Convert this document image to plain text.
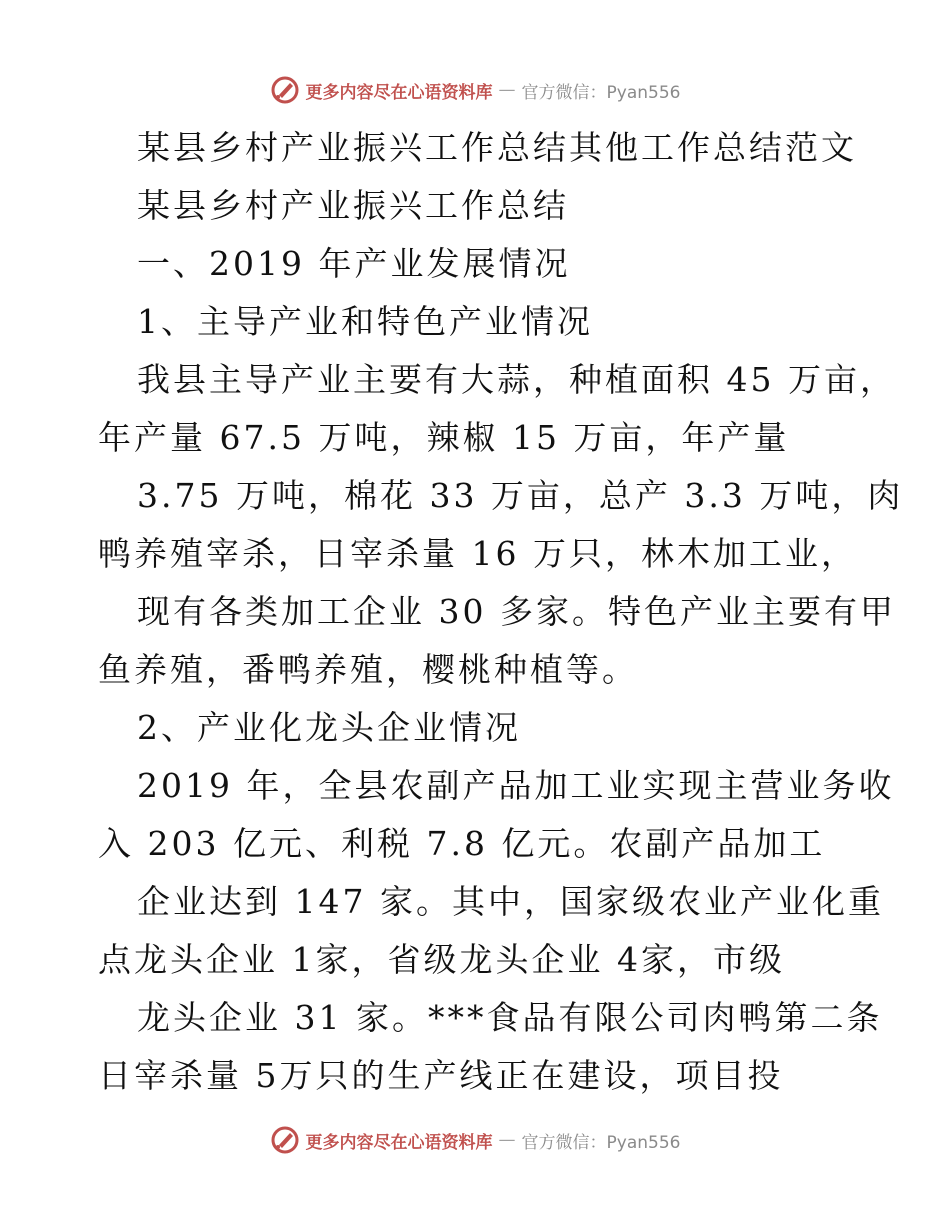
更多内容尽在心语资料库 — 官方微信：Pyan556
某县乡村产业振兴工作总结其他工作总结范文
某县乡村产业振兴工作总结
一、2019 年产业发展情况
1、主导产业和特色产业情况
我县主导产业主要有大蒜，种植面积 45 万亩，
年产量 67.5 万吨，辣椒 15 万亩，年产量
3.75 万吨，棉花 33 万亩，总产 3.3 万吨，肉
鸭养殖宰杀，日宰杀量 16 万只，林木加工业，
现有各类加工企业 30 多家。特色产业主要有甲
鱼养殖，番鸭养殖，樱桃种植等。
2、产业化龙头企业情况
2019 年，全县农副产品加工业实现主营业务收
入 203 亿元、利税 7.8 亿元。农副产品加工
企业达到 147 家。其中，国家级农业产业化重
点龙头企业 1家，省级龙头企业 4家，市级
龙头企业 31 家。***食品有限公司肉鸭第二条
日宰杀量 5万只的生产线正在建设，项目投
更多内容尽在心语资料库 — 官方微信：Pyan556
